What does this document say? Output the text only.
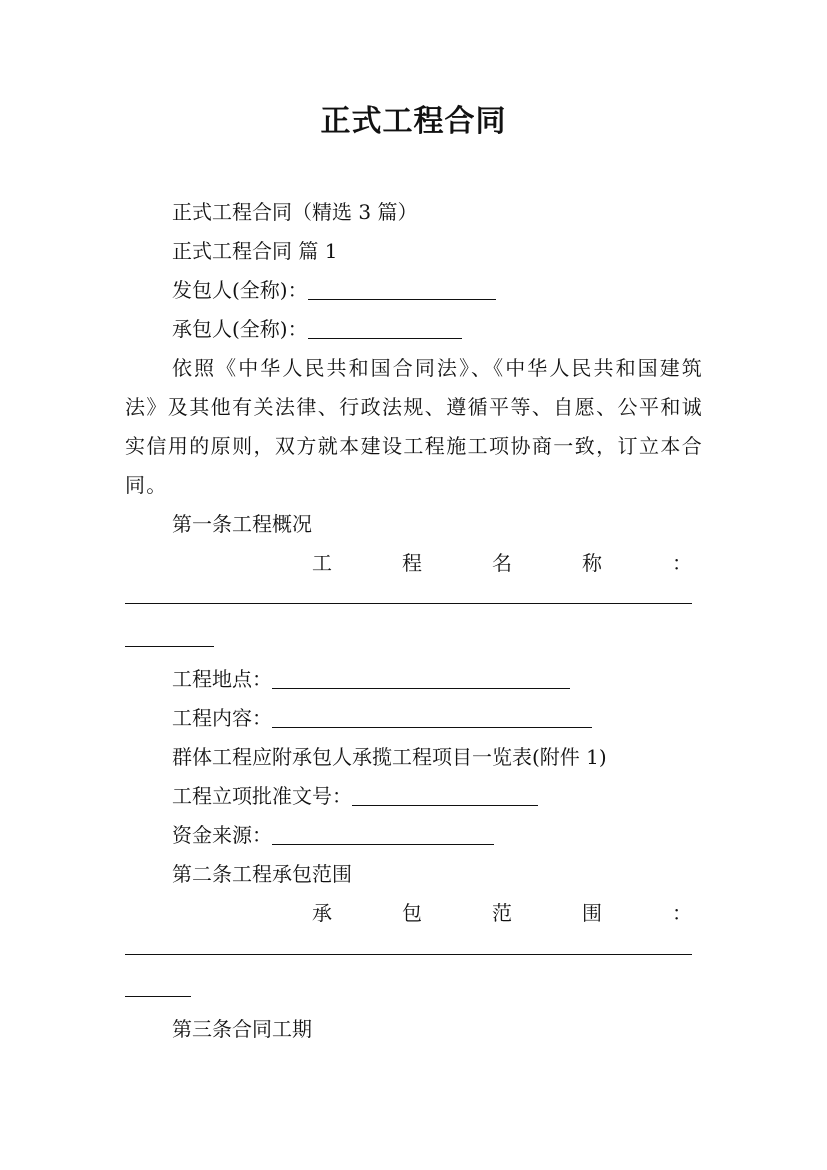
正式工程合同
正式工程合同（精选 3 篇）
正式工程合同 篇 1
发包人(全称)：
承包人(全称)：
依照《中华人民共和国合同法》、《中华人民共和国建筑法》及其他有关法律、行政法规、遵循平等、自愿、公平和诚实信用的原则，双方就本建设工程施工项协商一致，订立本合同。
第一条工程概况
工	程	名	称	：
工程地点：
工程内容：
群体工程应附承包人承揽工程项目一览表(附件 1)
工程立项批准文号：
资金来源：
第二条工程承包范围
承	包	范	围	：
第三条合同工期
